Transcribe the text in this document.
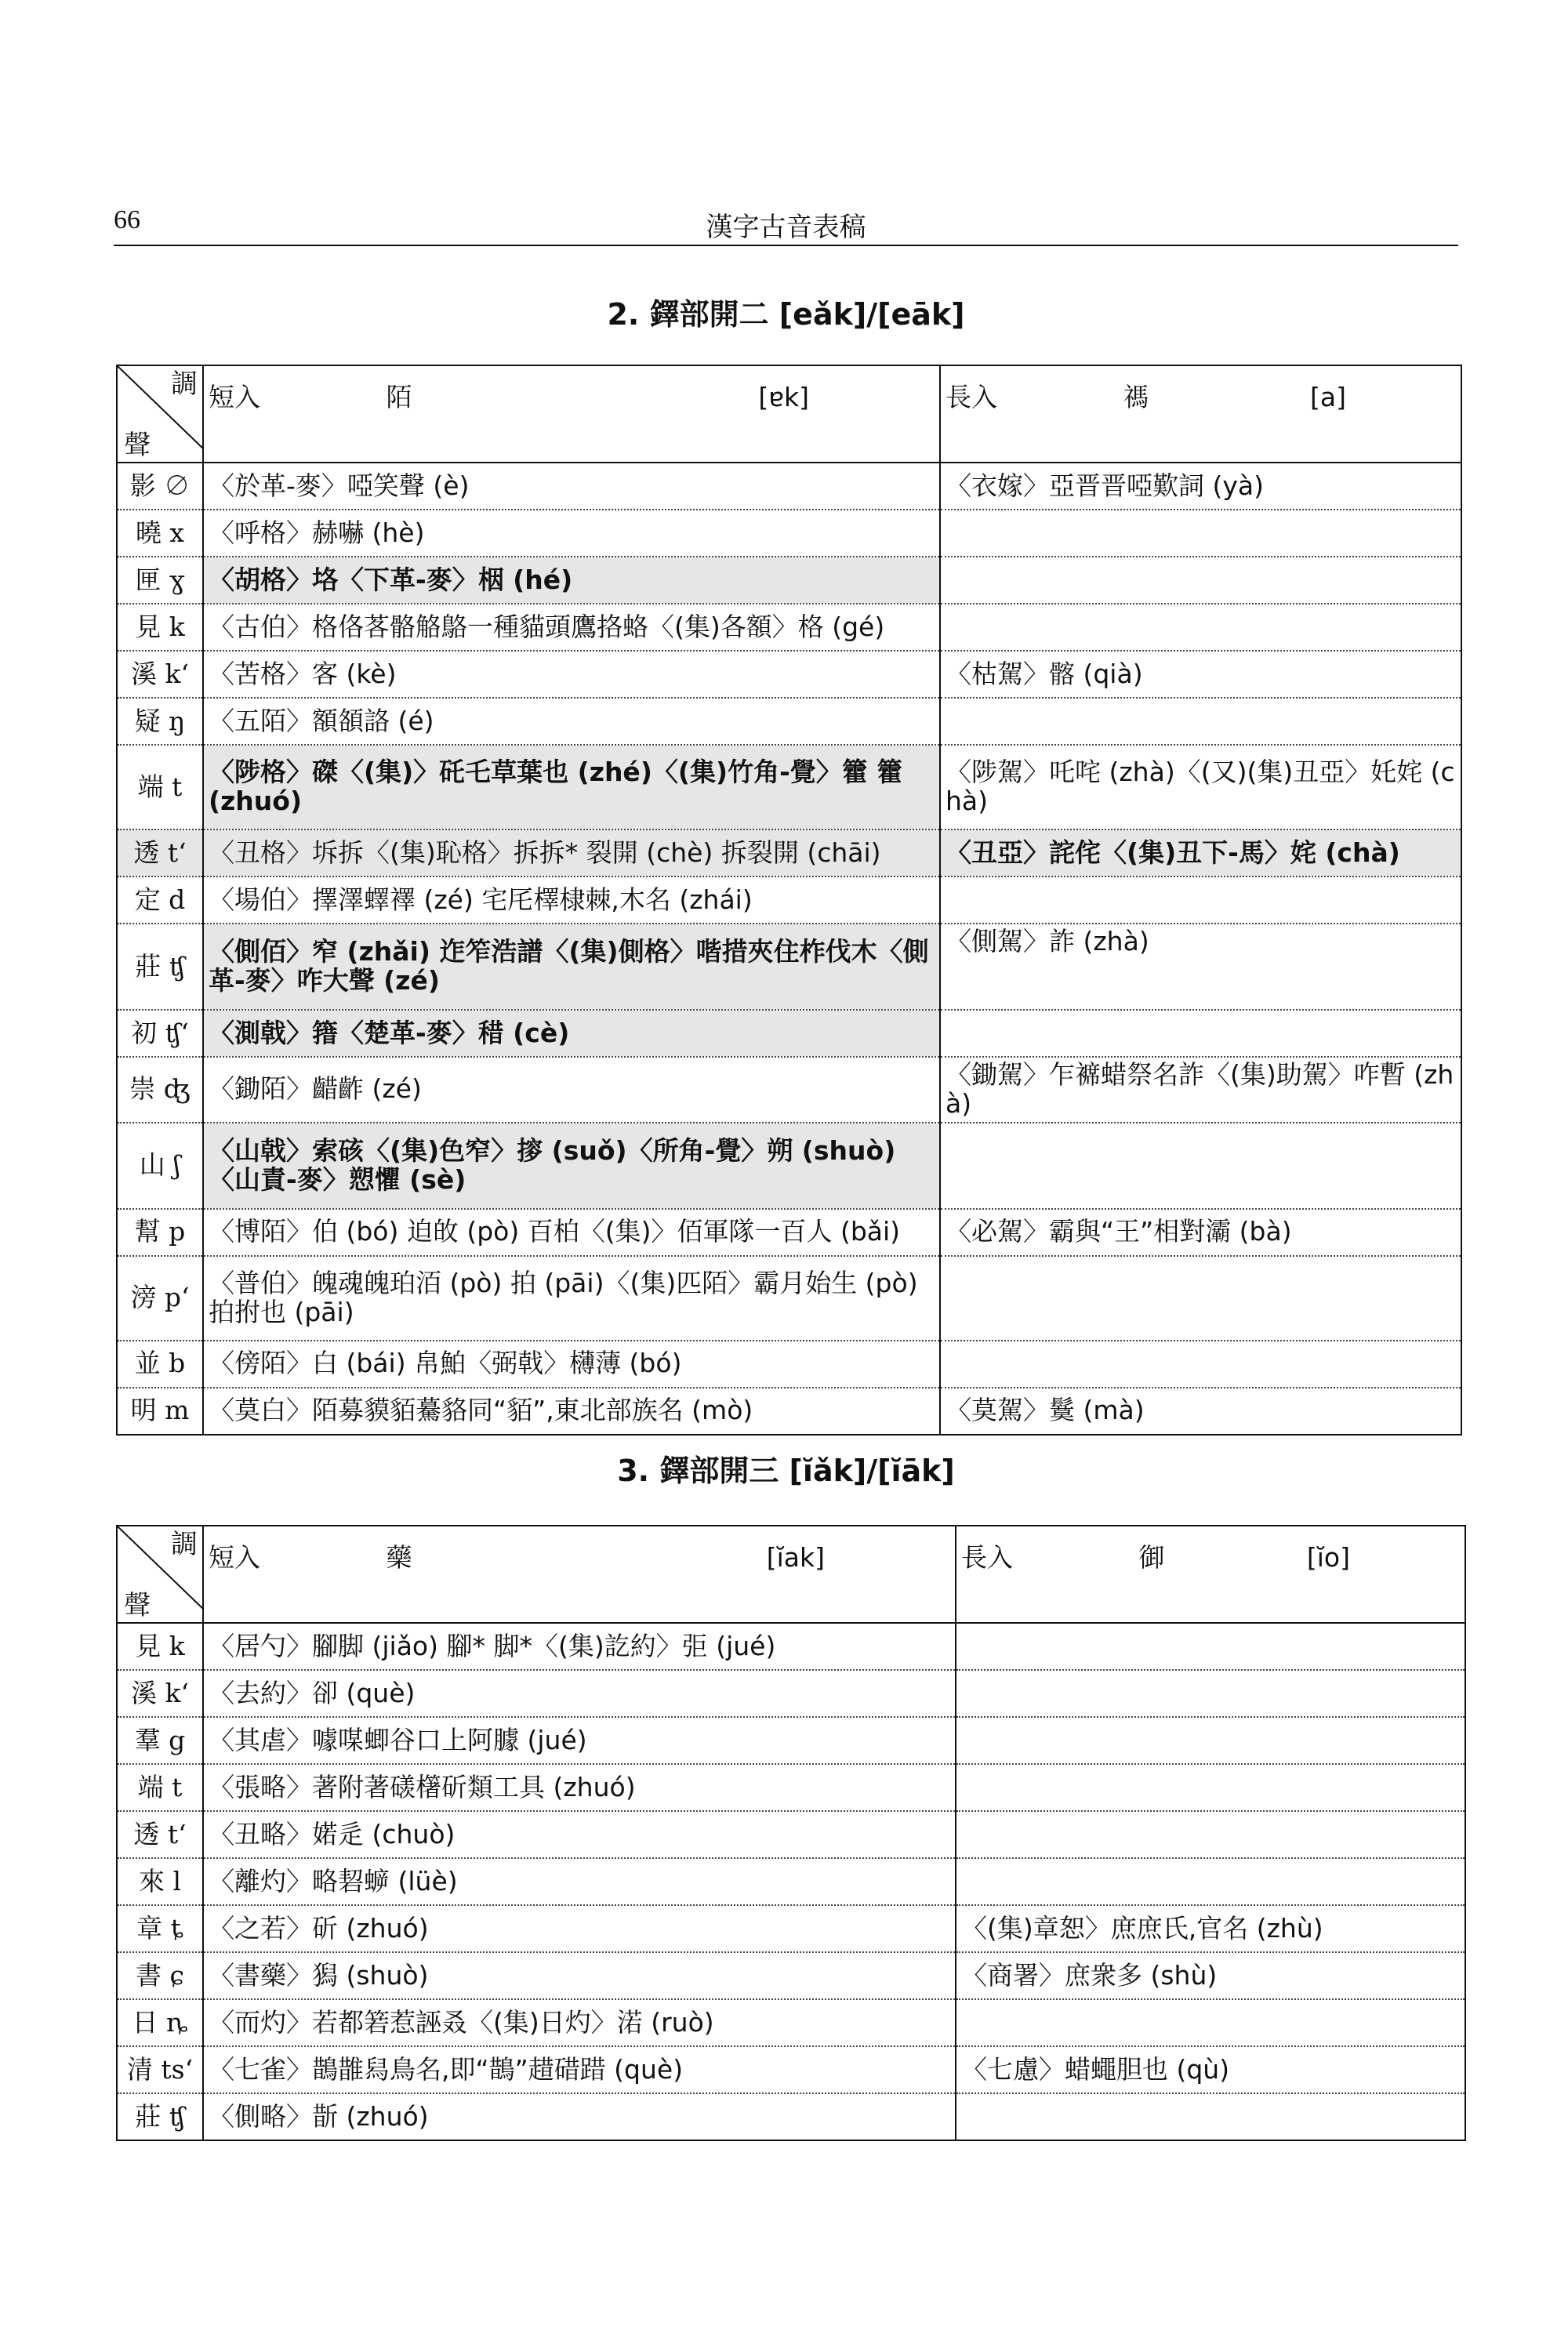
66	漢字古音表稿
2. 鐸部開二 [eǎk]/[eāk]
調
聲	短入 陌 [ɐk]	長入 禡 [a]

影 ∅	〈於革-麥〉啞笑聲 (è)	〈衣嫁〉亞晋晋啞歎詞 (yà)
曉 x	〈呼格〉赫嚇 (hè)	
匣 ɣ	〈胡格〉垎〈下革-麥〉栶 (hé)	
見 k	〈古伯〉格佫茖骼觡鴼一種貓頭鷹挌蛒〈(集)各額〉格 (gé)	
溪 kʻ	〈苦格〉客 (kè)	〈枯駕〉髂 (qià)
疑 ŋ	〈五陌〉額頟詻 (é)	
端 t	〈陟格〉磔〈(集)〉矺乇草葉也 (zhé)〈(集)竹角-覺〉籗 籗 (zhuó)	〈陟駕〉吒咤 (zhà)〈(又)(集)丑亞〉奼姹 (chà)
透 tʻ	〈丑格〉坼拆〈(集)恥格〉拆拆* 裂開 (chè) 拆裂開 (chāi)	〈丑亞〉詫侘〈(集)丑下-馬〉姹 (chà)
定 d	〈場伯〉擇澤蠌襗 (zé) 宅厇檡棣棘,木名 (zhái)	
莊 ʧ	〈側佰〉窄 (zhǎi) 迮笮浩譜〈(集)側格〉喈措夾住柞伐木〈側革-麥〉咋大聲 (zé)	〈側駕〉詐 (zhà)
初 ʧʻ	〈測戟〉簎〈楚革-麥〉稓 (cè)	
崇 ʤ	〈鋤陌〉齰齚 (zé)	〈鋤駕〉乍褯蜡祭名詐〈(集)助駕〉咋暫 (zhà)
山 ʃ	〈山戟〉索硋〈(集)色窄〉摉 (suǒ)〈所角-覺〉朔 (shuò)〈山責-麥〉愬懼 (sè)	
幫 p	〈博陌〉伯 (bó) 迫敀 (pò) 百柏〈(集)〉佰軍隊一百人 (bǎi)	〈必駕〉霸與“王”相對灞 (bà)
滂 pʻ	〈普伯〉魄魂魄珀洦 (pò) 拍 (pāi)〈(集)匹陌〉霸月始生 (pò) 拍拊也 (pāi)	
並 b	〈傍陌〉白 (bái) 帛鮊〈弼戟〉欂薄 (bó)	
明 m	〈莫白〉陌募貘貊驀貉同“貊”,東北部族名 (mò)	〈莫駕〉鬕 (mà)
3. 鐸部開三 [ĭǎk]/[ĭāk]
調
聲	短入 藥 [ĭak]	長入 御 [ĭo]

見 k	〈居勺〉腳脚 (jiǎo) 腳* 脚*〈(集)訖約〉弡 (jué)	
溪 kʻ	〈去約〉卻 (què)	
羣 g	〈其虐〉噱㖼蝍谷口上阿臄 (jué)	
端 t	〈張略〉著附著𥖄櫡斫類工具 (zhuó)	
透 tʻ	〈丑略〉婼辵 (chuò)	
來 l	〈離灼〉略䂮蝷 (lüè)	
章 ȶ	〈之若〉斫 (zhuó)	〈(集)章恕〉庶庶氏,官名 (zhù)
書 ɕ	〈書藥〉獡 (shuò)	〈商署〉庶衆多 (shù)
日 ȵ	〈而灼〉若都箬惹誣叒〈(集)日灼〉渃 (ruò)	
清 tsʻ	〈七雀〉鵲䧿舄鳥名,即“鵲”趞碏踖 (què)	〈七慮〉蜡蠅胆也 (qù)
莊 ʧ	〈側略〉斮 (zhuó)	
